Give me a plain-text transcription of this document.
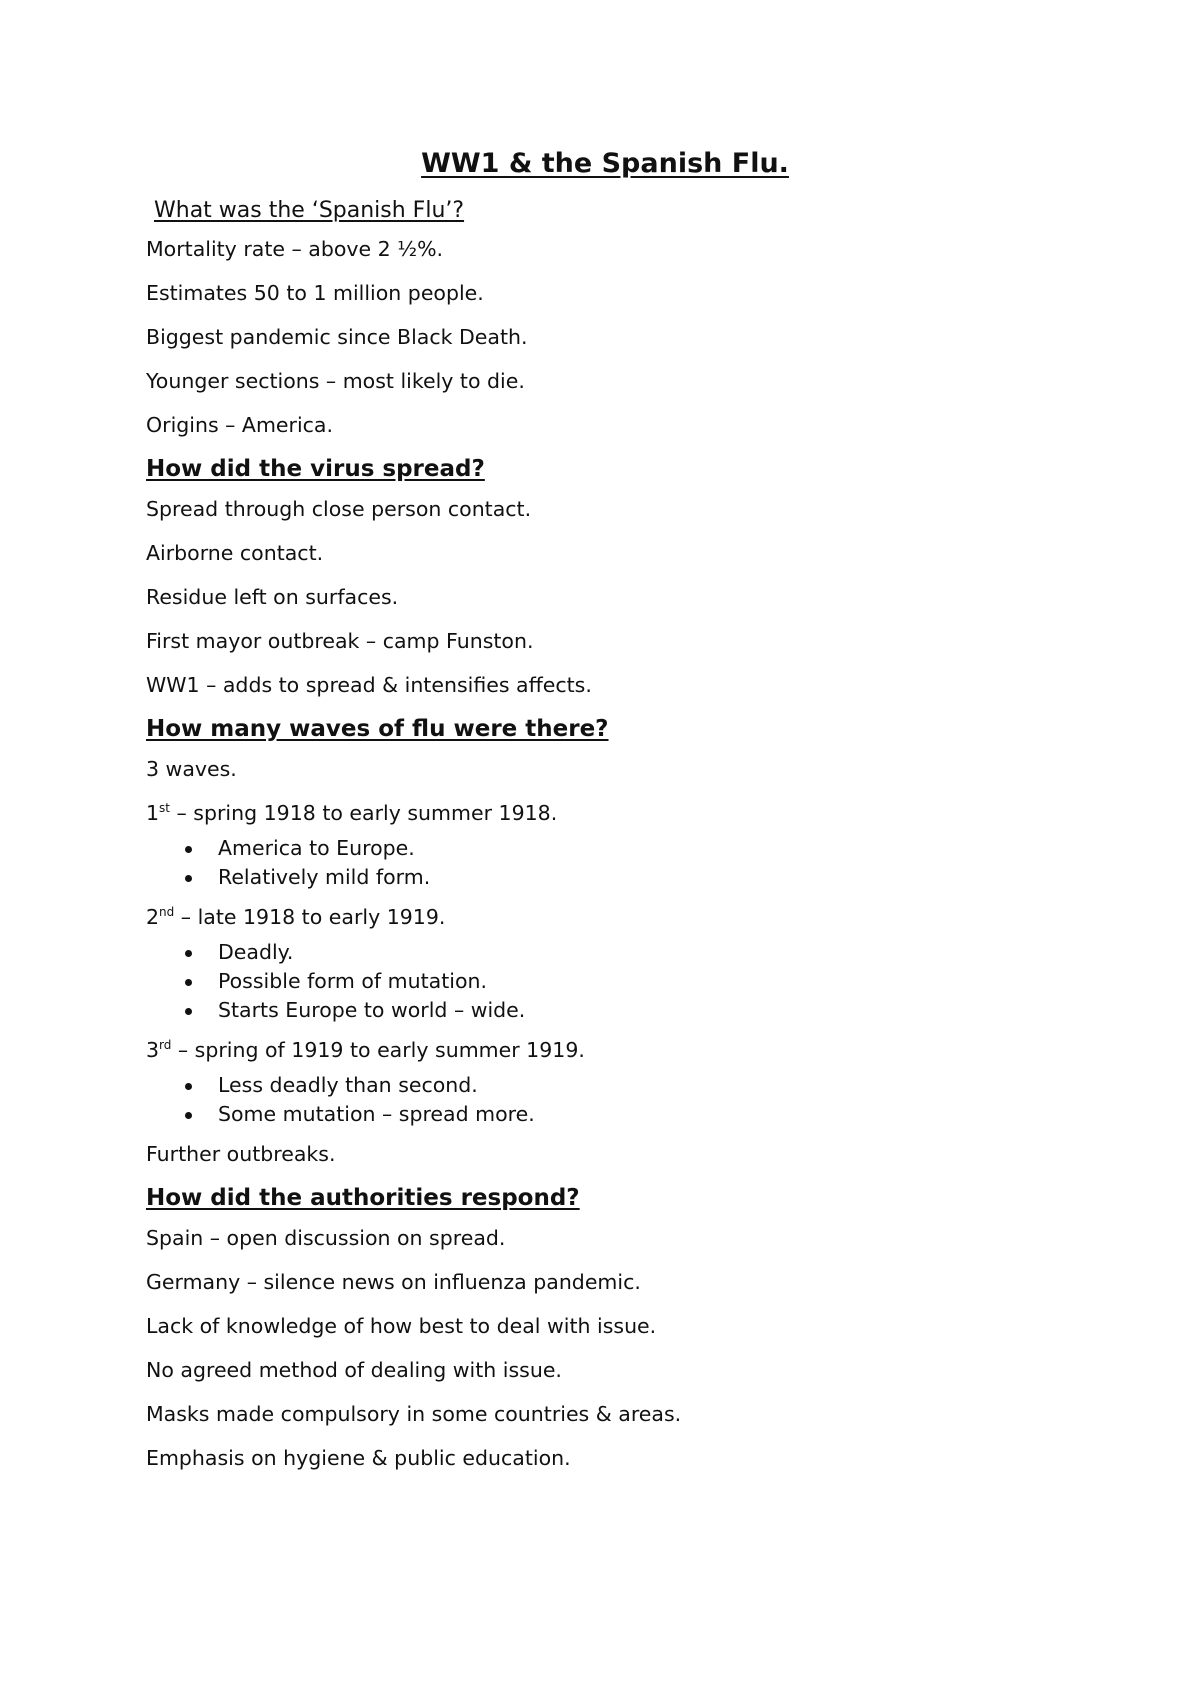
WW1 & the Spanish Flu.
What was the ‘Spanish Flu’?

Mortality rate – above 2 ½%.

Estimates 50 to 1 million people.

Biggest pandemic since Black Death.

Younger sections – most likely to die.

Origins – America.

How did the virus spread?

Spread through close person contact.

Airborne contact.

Residue left on surfaces.

First mayor outbreak – camp Funston.

WW1 – adds to spread & intensifies affects.

How many waves of flu were there?

3 waves.

1st – spring 1918 to early summer 1918.

America to Europe.
Relatively mild form.

2nd – late 1918 to early 1919.

Deadly.
Possible form of mutation.
Starts Europe to world – wide.

3rd – spring of 1919 to early summer 1919.

Less deadly than second.
Some mutation – spread more.

Further outbreaks.

How did the authorities respond?

Spain – open discussion on spread.

Germany – silence news on influenza pandemic.

Lack of knowledge of how best to deal with issue.

No agreed method of dealing with issue.

Masks made compulsory in some countries & areas.

Emphasis on hygiene & public education.
